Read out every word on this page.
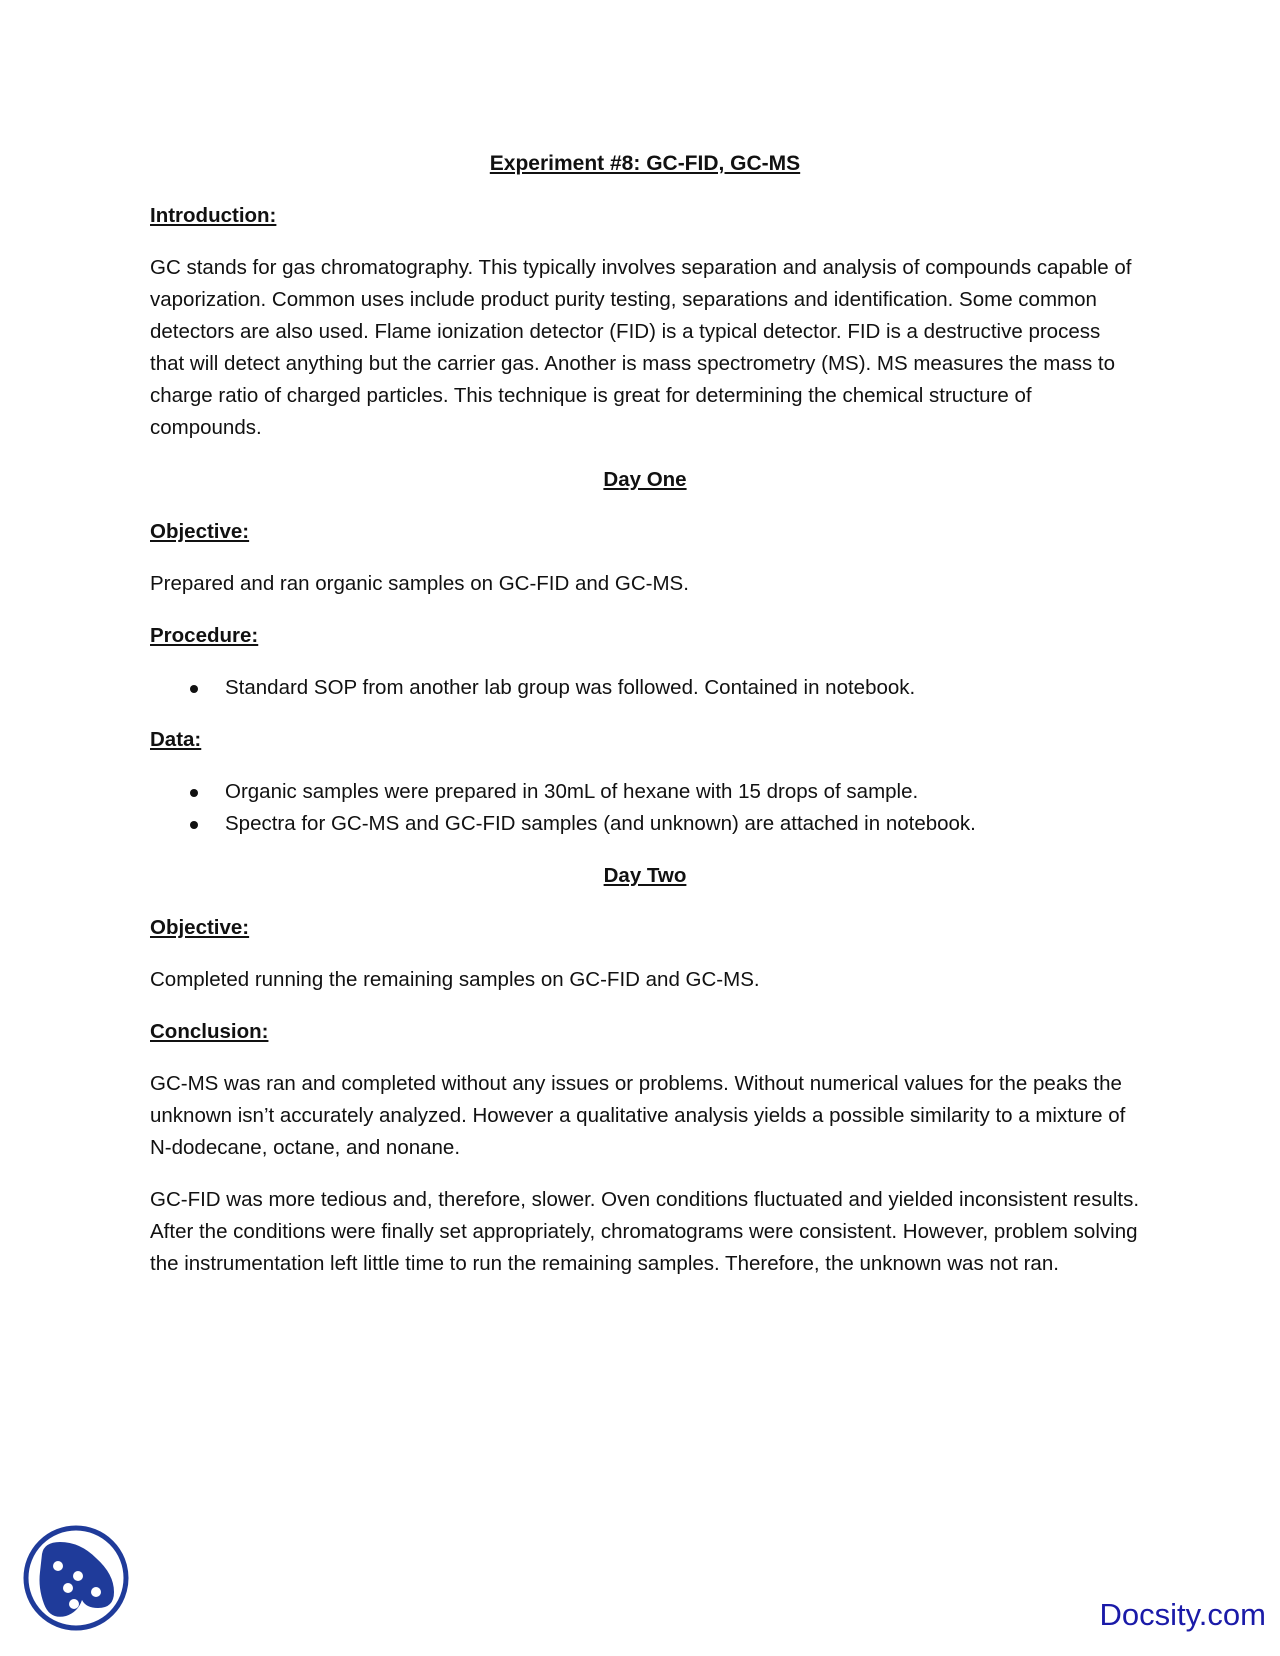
Experiment #8: GC-FID, GC-MS
Introduction:
GC stands for gas chromatography. This typically involves separation and analysis of compounds capable of vaporization. Common uses include product purity testing, separations and identification. Some common detectors are also used. Flame ionization detector (FID) is a typical detector. FID is a destructive process that will detect anything but the carrier gas. Another is mass spectrometry (MS). MS measures the mass to charge ratio of charged particles. This technique is great for determining the chemical structure of compounds.
Day One
Objective:
Prepared and ran organic samples on GC-FID and GC-MS.
Procedure:
Standard SOP from another lab group was followed. Contained in notebook.
Data:
Organic samples were prepared in 30mL of hexane with 15 drops of sample.
Spectra for GC-MS and GC-FID samples (and unknown) are attached in notebook.
Day Two
Objective:
Completed running the remaining samples on GC-FID and GC-MS.
Conclusion:
GC-MS was ran and completed without any issues or problems. Without numerical values for the peaks the unknown isn’t accurately analyzed. However a qualitative analysis yields a possible similarity to a mixture of N-dodecane, octane, and nonane.
GC-FID was more tedious and, therefore, slower. Oven conditions fluctuated and yielded inconsistent results. After the conditions were finally set appropriately, chromatograms were consistent. However, problem solving the instrumentation left little time to run the remaining samples. Therefore, the unknown was not ran.
Docsity.com
